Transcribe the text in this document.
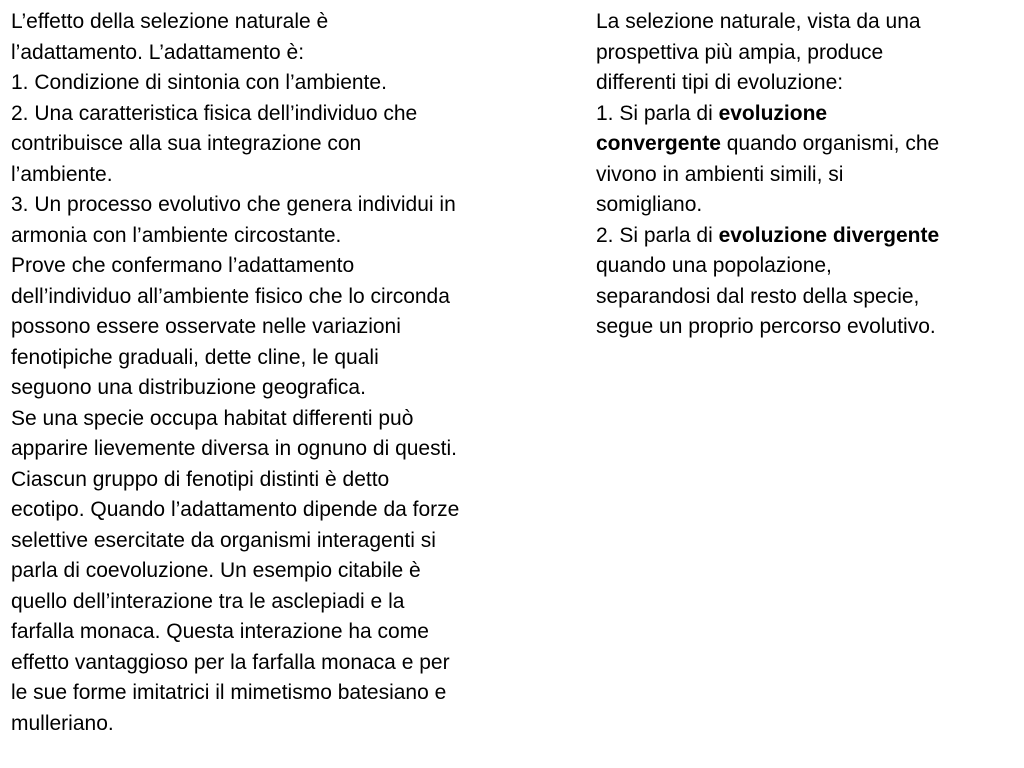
L’effetto della selezione naturale è
l’adattamento. L’adattamento è:
1. Condizione di sintonia con l’ambiente.
2. Una caratteristica fisica dell’individuo che
contribuisce alla sua integrazione con
l’ambiente.
3. Un processo evolutivo che genera individui in
armonia con l’ambiente circostante.
Prove che confermano l’adattamento
dell’individuo all’ambiente fisico che lo circonda
possono essere osservate nelle variazioni
fenotipiche graduali, dette cline, le quali
seguono una distribuzione geografica.
Se una specie occupa habitat differenti può
apparire lievemente diversa in ognuno di questi.
Ciascun gruppo di fenotipi distinti è detto
ecotipo. Quando l’adattamento dipende da forze
selettive esercitate da organismi interagenti si
parla di coevoluzione. Un esempio citabile è
quello dell’interazione tra le asclepiadi e la
farfalla monaca. Questa interazione ha come
effetto vantaggioso per la farfalla monaca e per
le sue forme imitatrici il mimetismo batesiano e
mulleriano.
La selezione naturale, vista da una
prospettiva più ampia, produce
differenti tipi di evoluzione:
1. Si parla di evoluzione
convergente quando organismi, che
vivono in ambienti simili, si
somigliano.
2. Si parla di evoluzione divergente
quando una popolazione,
separandosi dal resto della specie,
segue un proprio percorso evolutivo.
